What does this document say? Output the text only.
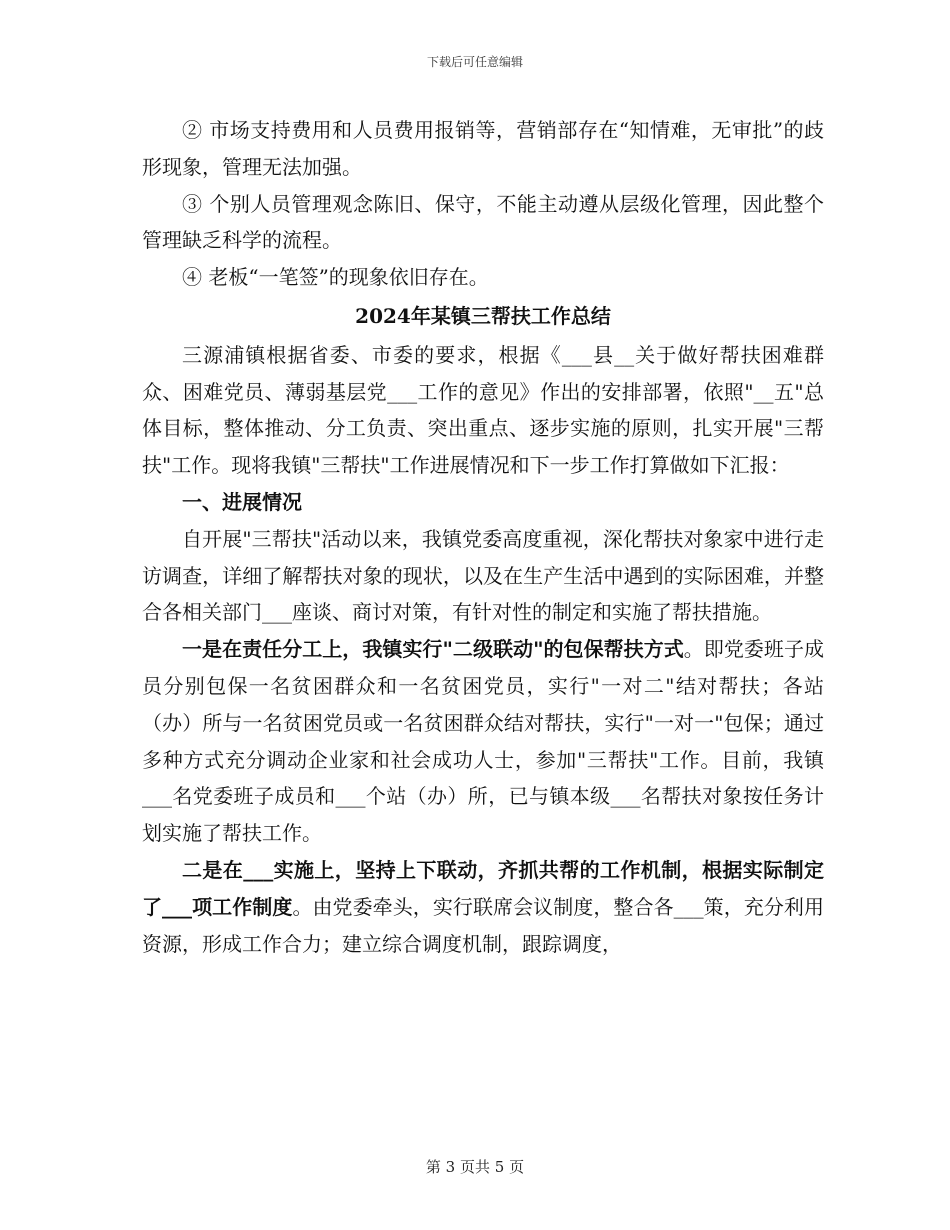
下载后可任意编辑

② 市场支持费用和人员费用报销等，营销部存在“知情难，无审批”的歧形现象，管理无法加强。

③ 个别人员管理观念陈旧、保守，不能主动遵从层级化管理，因此整个管理缺乏科学的流程。

④ 老板“一笔签”的现象依旧存在。

2024年某镇三帮扶工作总结

三源浦镇根据省委、市委的要求，根据《___县__关于做好帮扶困难群众、困难党员、薄弱基层党___工作的意见》作出的安排部署，依照"__五"总体目标，整体推动、分工负责、突出重点、逐步实施的原则，扎实开展"三帮扶"工作。现将我镇"三帮扶"工作进展情况和下一步工作打算做如下汇报：

一、进展情况

自开展"三帮扶"活动以来，我镇党委高度重视，深化帮扶对象家中进行走访调查，详细了解帮扶对象的现状，以及在生产生活中遇到的实际困难，并整合各相关部门___座谈、商讨对策，有针对性的制定和实施了帮扶措施。

一是在责任分工上，我镇实行"二级联动"的包保帮扶方式。即党委班子成员分别包保一名贫困群众和一名贫困党员，实行"一对二"结对帮扶；各站（办）所与一名贫困党员或一名贫困群众结对帮扶，实行"一对一"包保；通过多种方式充分调动企业家和社会成功人士，参加"三帮扶"工作。目前，我镇___名党委班子成员和___个站（办）所，已与镇本级___名帮扶对象按任务计划实施了帮扶工作。

二是在___实施上，坚持上下联动，齐抓共帮的工作机制，根据实际制定了___项工作制度。由党委牵头，实行联席会议制度，整合各___策，充分利用资源，形成工作合力；建立综合调度机制，跟踪调度，

第 3 页共 5 页
